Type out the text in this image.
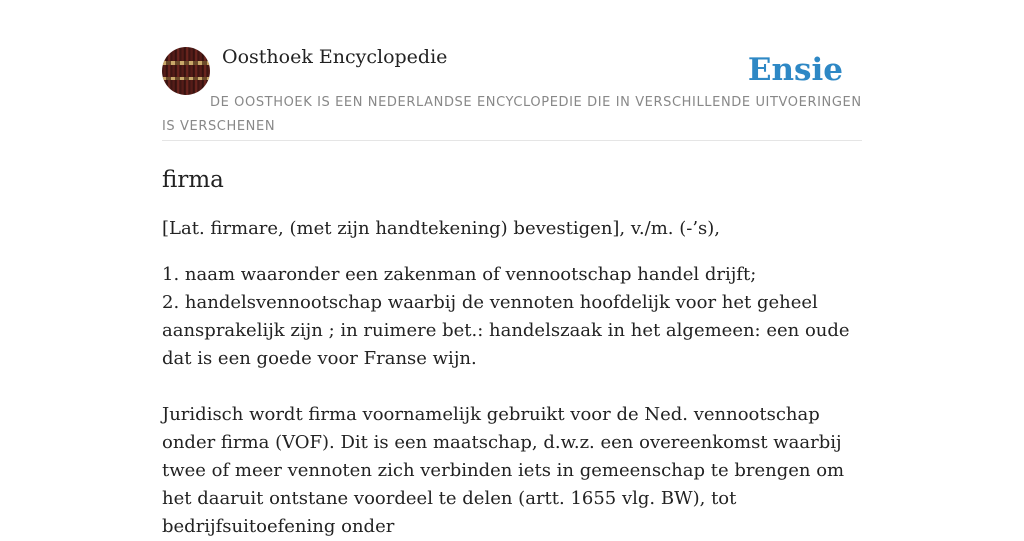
Oosthoek Encyclopedie	Ensie
DE OOSTHOEK IS EEN NEDERLANDSE ENCYCLOPEDIE DIE IN VERSCHILLENDE UITVOERINGEN IS VERSCHENEN
firma
[Lat. firmare, (met zijn handtekening) bevestigen], v./m. (-’s),
1. naam waaronder een zakenman of vennootschap handel drijft;
2. handelsvennootschap waarbij de vennoten hoofdelijk voor het geheel aansprakelijk zijn ; in ruimere bet.: handelszaak in het algemeen: een oude dat is een goede voor Franse wijn.
Juridisch wordt firma voornamelijk gebruikt voor de Ned. vennootschap onder firma (VOF). Dit is een maatschap, d.w.z. een overeenkomst waarbij twee of meer vennoten zich verbinden iets in gemeenschap te brengen om het daaruit ontstane voordeel te delen (artt. 1655 vlg. BW), tot bedrijfsuitoefening onder
